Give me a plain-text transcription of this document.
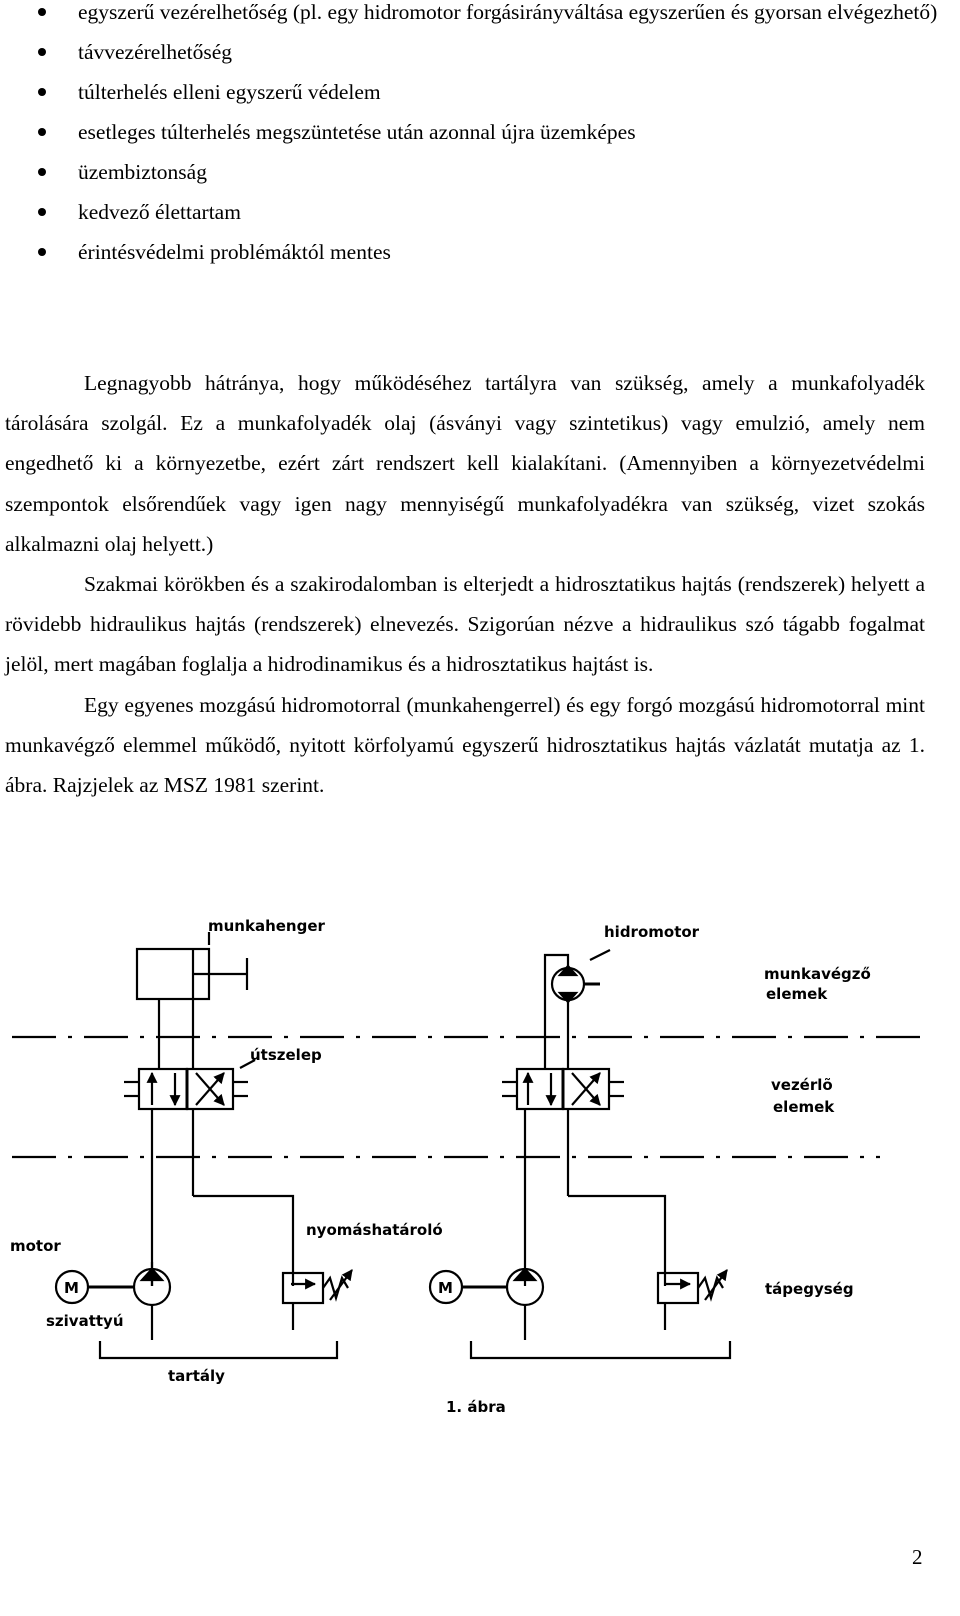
egyszerű vezérelhetőség (pl. egy hidromotor forgásirányváltása egyszerűen és gyorsan elvégezhető)
távvezérelhetőség
túlterhelés elleni egyszerű védelem
esetleges túlterhelés megszüntetése után azonnal újra üzemképes
üzembiztonság
kedvező élettartam
érintésvédelmi problémáktól mentes

Legnagyobb hátránya, hogy működéséhez tartályra van szükség, amely a munkafolyadék tárolására szolgál. Ez a munkafolyadék olaj (ásványi vagy szintetikus) vagy emulzió, amely nem engedhető ki a környezetbe, ezért zárt rendszert kell kialakítani. (Amennyiben a környezetvédelmi szempontok elsőrendűek vagy igen nagy mennyiségű munkafolyadékra van szükség, vizet szokás alkalmazni olaj helyett.)

Szakmai körökben és a szakirodalomban is elterjedt a hidrosztatikus hajtás (rendszerek) helyett a rövidebb hidraulikus hajtás (rendszerek) elnevezés. Szigorúan nézve a hidraulikus szó tágabb fogalmat jelöl, mert magában foglalja a hidrodinamikus és a hidrosztatikus hajtást is.

Egy egyenes mozgású hidromotorral (munkahengerrel) és egy forgó mozgású hidromotorral mint munkavégző elemmel működő, nyitott körfolyamú egyszerű hidrosztatikus hajtás vázlatát mutatja az 1. ábra. Rajzjelek az MSZ 1981 szerint.

M	M
munkahenger	hidromotor
munkavégző
elemek
útszelep
vezérlõ
elemek
motor
nyomáshatároló
tápegység
szivattyú
tartály
1. ábra
2
